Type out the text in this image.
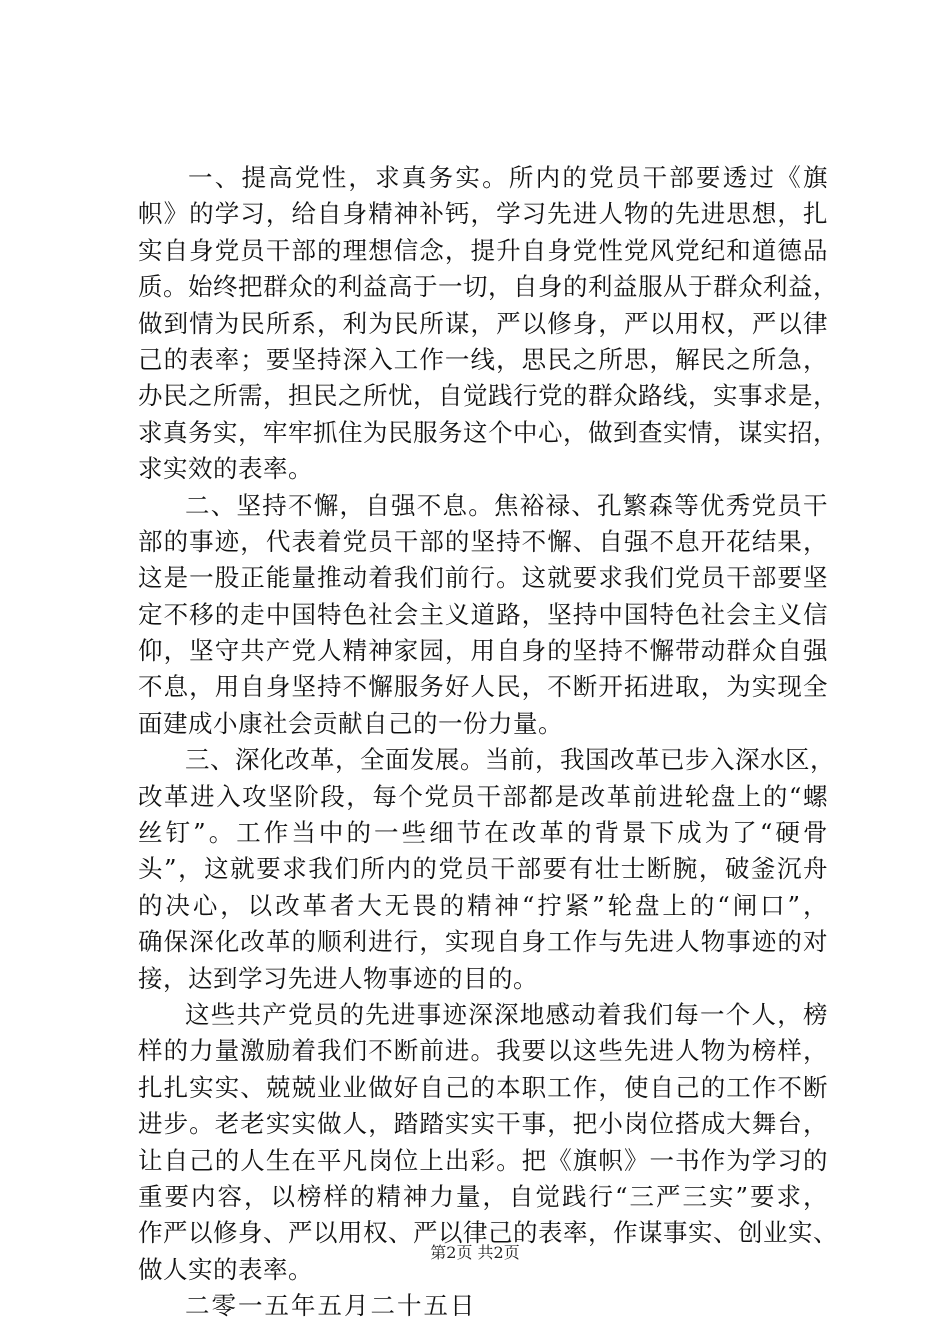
一、提高党性，求真务实。所内的党员干部要透过《旗
帜》的学习，给自身精神补钙，学习先进人物的先进思想，扎
实自身党员干部的理想信念，提升自身党性党风党纪和道德品
质。始终把群众的利益高于一切，自身的利益服从于群众利益，
做到情为民所系，利为民所谋，严以修身，严以用权，严以律
己的表率；要坚持深入工作一线，思民之所思，解民之所急，
办民之所需，担民之所忧，自觉践行党的群众路线，实事求是，
求真务实，牢牢抓住为民服务这个中心，做到查实情，谋实招，
求实效的表率。
二、坚持不懈，自强不息。焦裕禄、孔繁森等优秀党员干
部的事迹，代表着党员干部的坚持不懈、自强不息开花结果，
这是一股正能量推动着我们前行。这就要求我们党员干部要坚
定不移的走中国特色社会主义道路，坚持中国特色社会主义信
仰，坚守共产党人精神家园，用自身的坚持不懈带动群众自强
不息，用自身坚持不懈服务好人民，不断开拓进取，为实现全
面建成小康社会贡献自己的一份力量。
三、深化改革，全面发展。当前，我国改革已步入深水区，
改革进入攻坚阶段，每个党员干部都是改革前进轮盘上的“螺
丝钉”。工作当中的一些细节在改革的背景下成为了“硬骨
头”，这就要求我们所内的党员干部要有壮士断腕，破釜沉舟
的决心，以改革者大无畏的精神“拧紧”轮盘上的“闸口”，
确保深化改革的顺利进行，实现自身工作与先进人物事迹的对
接，达到学习先进人物事迹的目的。
这些共产党员的先进事迹深深地感动着我们每一个人，榜
样的力量激励着我们不断前进。我要以这些先进人物为榜样，
扎扎实实、兢兢业业做好自己的本职工作，使自己的工作不断
进步。老老实实做人，踏踏实实干事，把小岗位搭成大舞台，
让自己的人生在平凡岗位上出彩。把《旗帜》一书作为学习的
重要内容，以榜样的精神力量，自觉践行“三严三实”要求，
作严以修身、严以用权、严以律己的表率，作谋事实、创业实、
做人实的表率。
二零一五年五月二十五日
第2页 共2页
